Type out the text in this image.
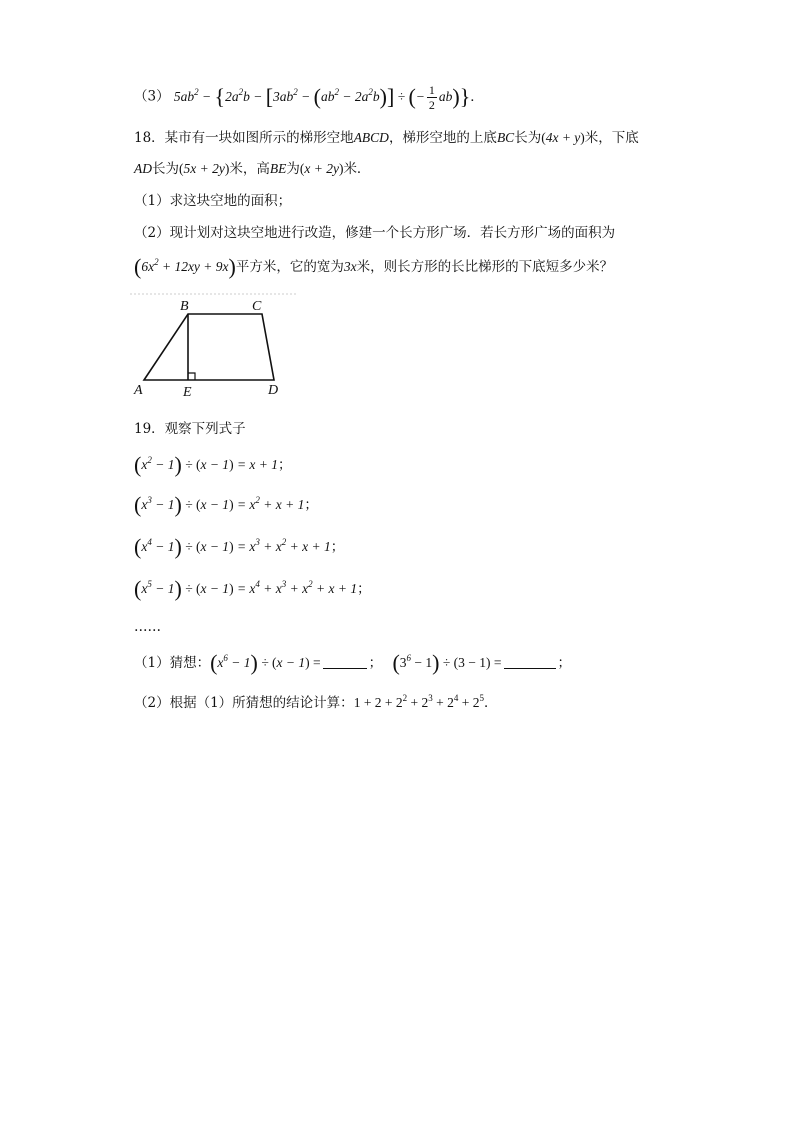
（3） $5ab^2 - \{2a^2b - [3ab^2 - (ab^2 - 2a^2b)]$ ÷ (− $\frac{1}{2} ab$)}．
18．某市有一块如图所示的梯形空地ABCD，梯形空地的上底BC长为(4x + y)米，下底
AD长为(5x + 2y)米，高BE为(x + 2y)米．
（1）求这块空地的面积；
（2）现计划对这块空地进行改造，修建一个长方形广场．若长方形广场的面积为
$(6x^2 + 12xy + 9x)$平方米，它的宽为3x米，则长方形的长比梯形的下底短多少米？
B	C
A	E	D
19．观察下列式子
$(x^2 - 1) \div (x - 1) = x + 1$；
$(x^3 - 1) \div (x - 1) = x^2 + x + 1$；
$(x^4 - 1) \div (x - 1) = x^3 + x^2 + x + 1$；
$(x^5 - 1) \div (x - 1) = x^4 + x^3 + x^2 + x + 1$；
……
（1）猜想：$(x^6 - 1) \div (x - 1)$ =	； $(3^6 - 1) \div (3 - 1)$ =	；
（2）根据（1）所猜想的结论计算：$1 + 2 + 2^2 + 2^3 + 2^4 + 2^5$．
